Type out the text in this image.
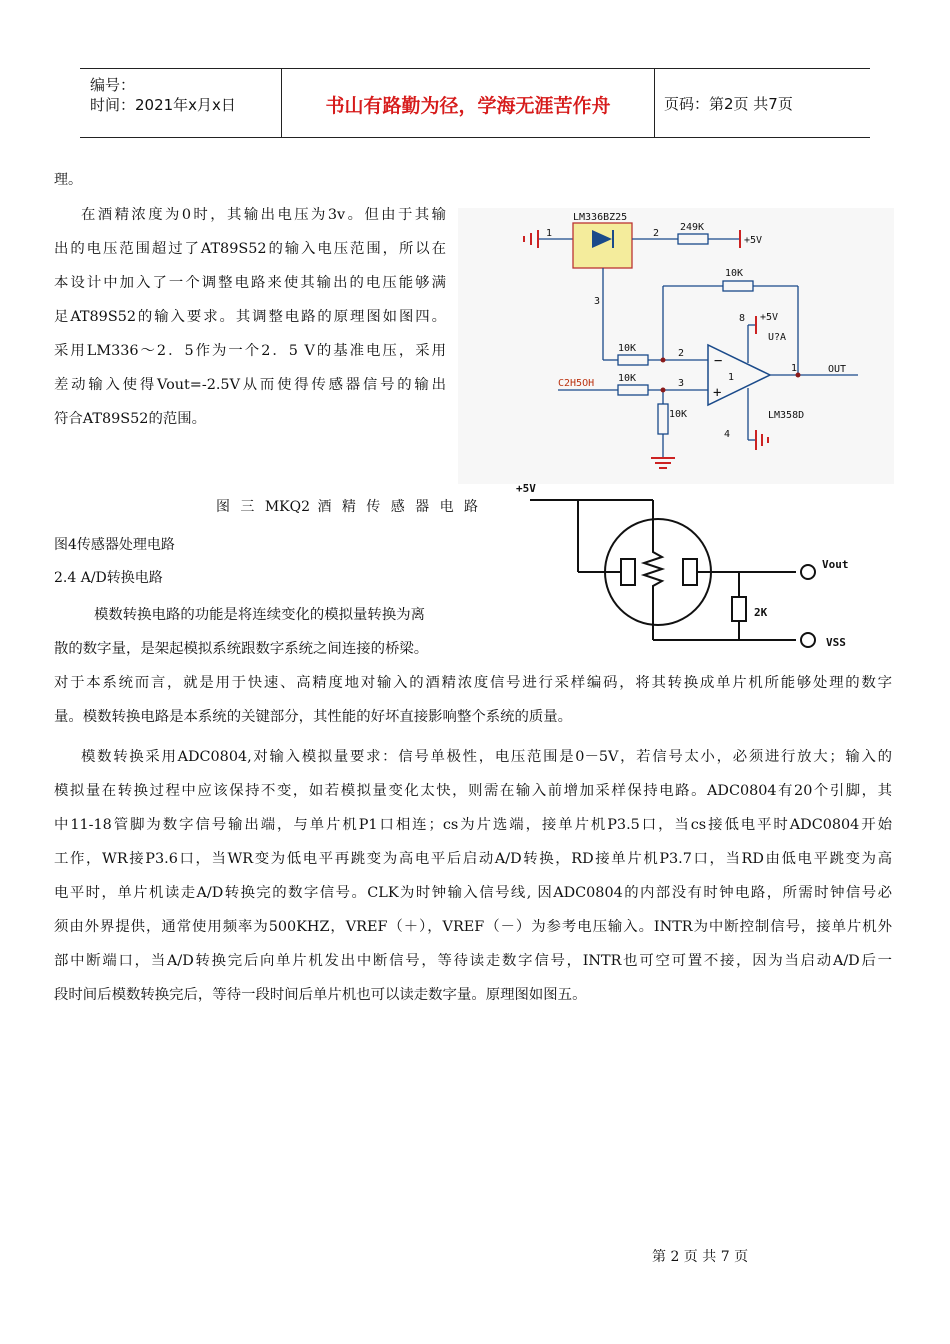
编号：
时间：2021年x月x日	书山有路勤为径，学海无涯苦作舟	页码：第2页 共7页
理。
在酒精浓度为0时，其输出电压为3v。但由于其输
出的电压范围超过了AT89S52的输入电压范围，所以在
本设计中加入了一个调整电路来使其输出的电压能够满
足AT89S52的输入要求。其调整电路的原理图如图四。
采用LM336～2．5作为一个2．5 V的基准电压，采用
差动输入使得Vout=-2.5V从而使得传感器信号的输出
符合AT89S52的范围。
图 三 MKQ2 酒 精 传 感 器 电 路
图4传感器处理电路
2.4 A/D转换电路
模数转换电路的功能是将连续变化的模拟量转换为离
散的数字量，是架起模拟系统跟数字系统之间连接的桥梁。
对于本系统而言，就是用于快速、高精度地对输入的酒精浓度信号进行采样编码，将其转换成单片机所能够处理的数字
量。模数转换电路是本系统的关键部分，其性能的好坏直接影响整个系统的质量。
模数转换采用ADC0804,对输入模拟量要求：信号单极性，电压范围是0－5V，若信号太小，必须进行放大；输入的
模拟量在转换过程中应该保持不变，如若模拟量变化太快，则需在输入前增加采样保持电路。ADC0804有20个引脚，其
中11-18管脚为数字信号输出端，与单片机P1口相连；cs为片选端，接单片机P3.5口，当cs接低电平时ADC0804开始
工作，WR接P3.6口，当WR变为低电平再跳变为高电平后启动A/D转换，RD接单片机P3.7口，当RD由低电平跳变为高
电平时，单片机读走A/D转换完的数字信号。CLK为时钟输入信号线, 因ADC0804的内部没有时钟电路，所需时钟信号必
须由外界提供，通常使用频率为500KHZ，VREF（＋），VREF（－）为参考电压输入。INTR为中断控制信号，接单片机外
部中断端口，当A/D转换完后向单片机发出中断信号，等待读走数字信号，INTR也可空可置不接，因为当启动A/D后一
段时间后模数转换完后，等待一段时间后单片机也可以读走数字量。原理图如图五。
LM336BZ25
1	2
3
249K
+5V
10K
8 +5V
U?A
10K
10K
10K
2
3
1
1	OUT
C2H5OH
LM358D
4
−
+
+5V
Vout
2K
VSS
第 2 页 共 7 页
